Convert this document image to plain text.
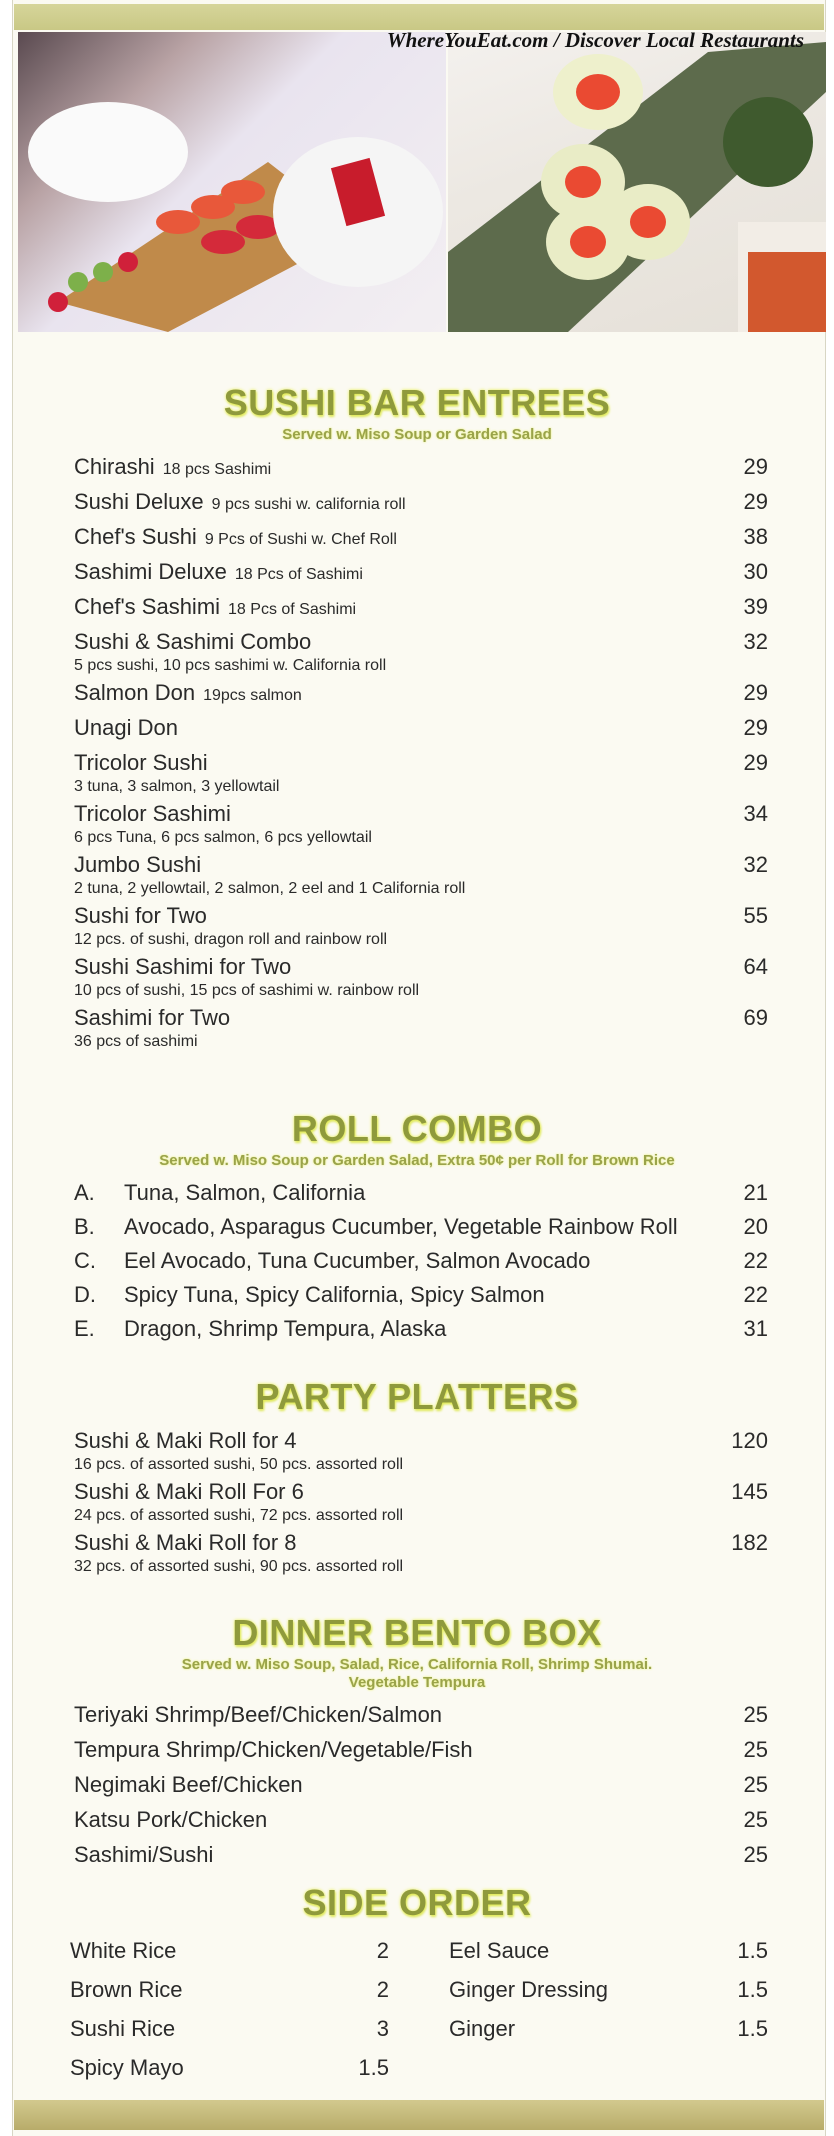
WhereYouEat.com / Discover Local Restaurants
SUSHI BAR ENTREES
Served w. Miso Soup or Garden Salad
Chirashi 18 pcs Sashimi	29
Sushi Deluxe 9 pcs sushi w. california roll	29
Chef's Sushi 9 Pcs of Sushi w. Chef Roll	38
Sashimi Deluxe 18 Pcs of Sashimi	30
Chef's Sashimi 18 Pcs of Sashimi	39
Sushi & Sashimi Combo	32
5 pcs sushi, 10 pcs sashimi w. California roll
Salmon Don 19pcs salmon	29
Unagi Don	29
Tricolor Sushi	29
3 tuna, 3 salmon, 3 yellowtail
Tricolor Sashimi	34
6 pcs Tuna, 6 pcs salmon, 6 pcs yellowtail
Jumbo Sushi	32
2 tuna, 2 yellowtail, 2 salmon, 2 eel and 1 California roll
Sushi for Two	55
12 pcs. of sushi, dragon roll and rainbow roll
Sushi Sashimi for Two	64
10 pcs of sushi, 15 pcs of sashimi w. rainbow roll
Sashimi for Two	69
36 pcs of sashimi
ROLL COMBO
Served w. Miso Soup or Garden Salad, Extra 50¢ per Roll for Brown Rice
A. Tuna, Salmon, California	21
B. Avocado, Asparagus Cucumber, Vegetable Rainbow Roll	20
C. Eel Avocado, Tuna Cucumber, Salmon Avocado	22
D. Spicy Tuna, Spicy California, Spicy Salmon	22
E. Dragon, Shrimp Tempura, Alaska	31
PARTY PLATTERS
Sushi & Maki Roll for 4	120
16 pcs. of assorted sushi, 50 pcs. assorted roll
Sushi & Maki Roll For 6	145
24 pcs. of assorted sushi, 72 pcs. assorted roll
Sushi & Maki Roll for 8	182
32 pcs. of assorted sushi, 90 pcs. assorted roll
DINNER BENTO BOX
Served w. Miso Soup, Salad, Rice, California Roll, Shrimp Shumai.
Vegetable Tempura
Teriyaki Shrimp/Beef/Chicken/Salmon	25
Tempura Shrimp/Chicken/Vegetable/Fish	25
Negimaki Beef/Chicken	25
Katsu Pork/Chicken	25
Sashimi/Sushi	25
SIDE ORDER
White Rice	2
Brown Rice	2
Sushi Rice	3
Spicy Mayo	1.5
Eel Sauce	1.5
Ginger Dressing	1.5
Ginger	1.5
